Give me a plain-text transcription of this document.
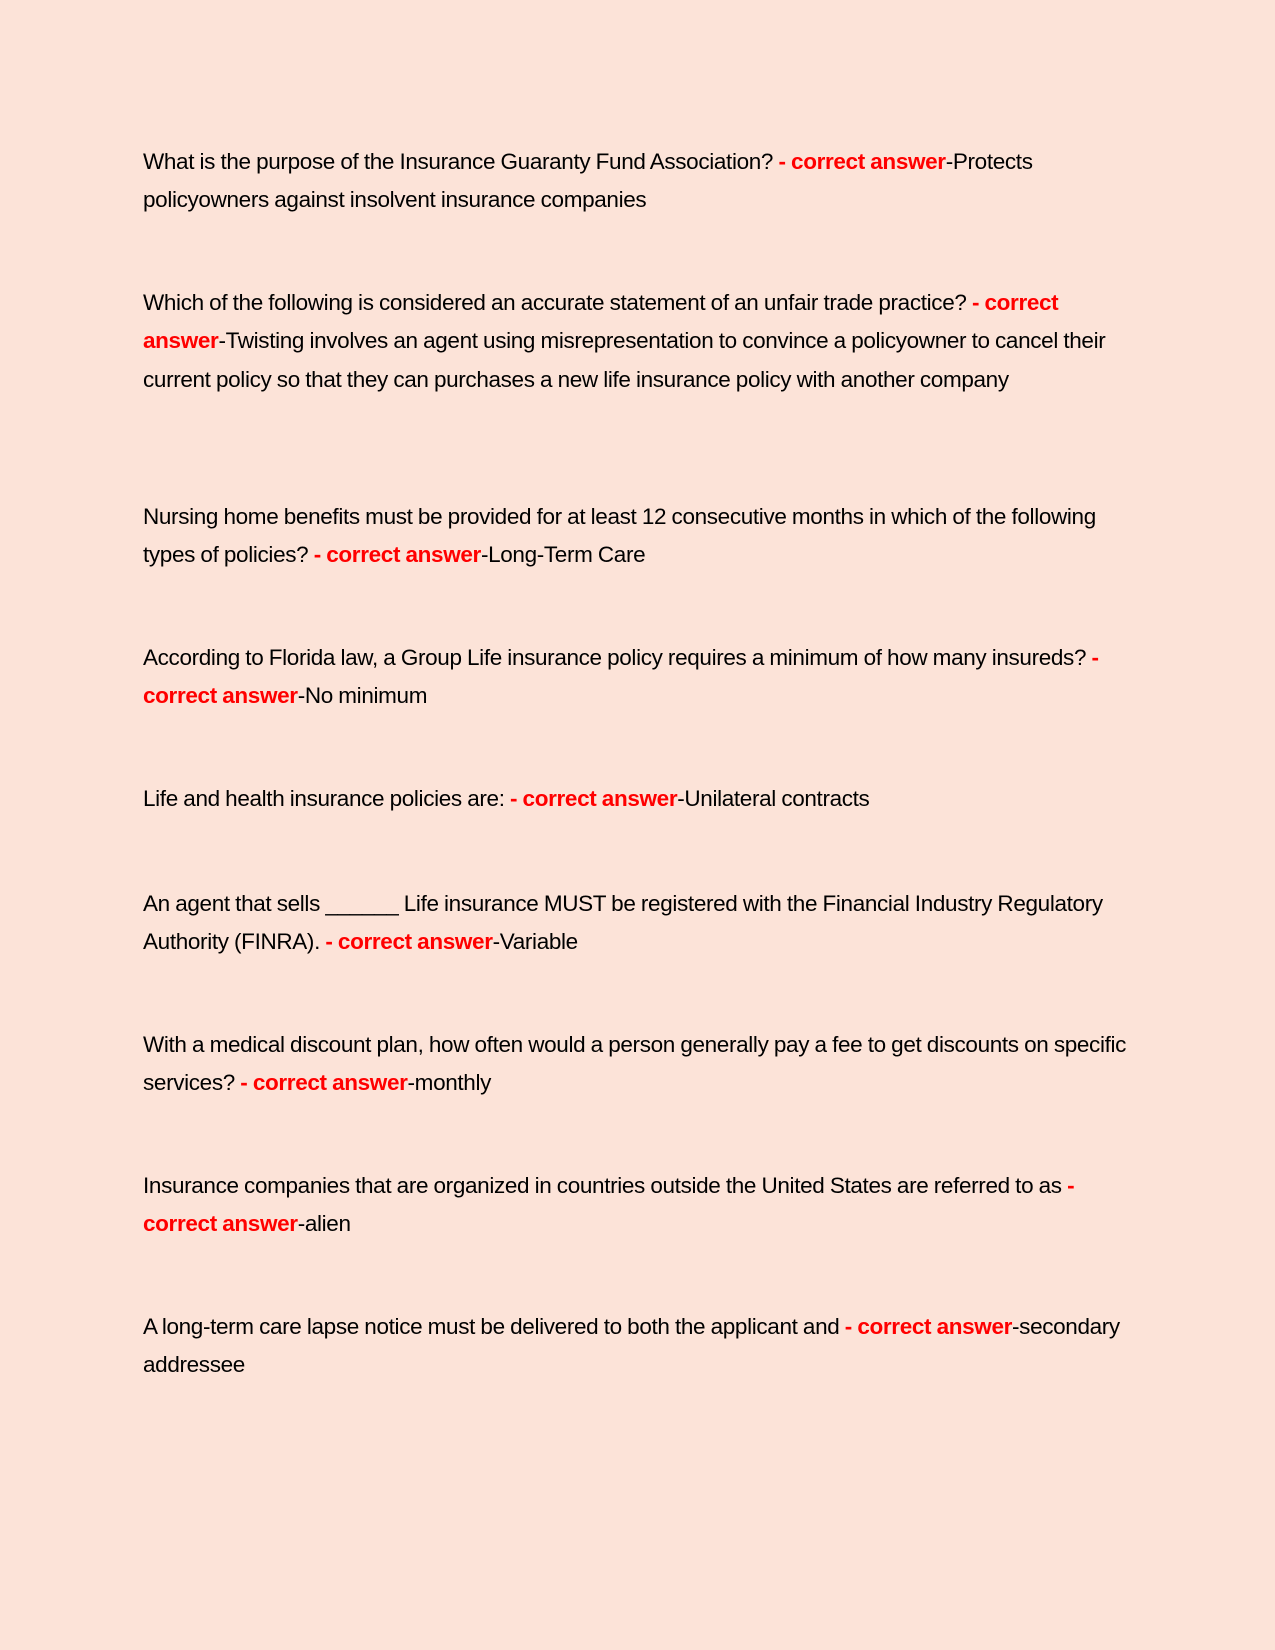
What is the purpose of the Insurance Guaranty Fund Association? - correct answer-Protects policyowners against insolvent insurance companies

Which of the following is considered an accurate statement of an unfair trade practice? - correct answer-Twisting involves an agent using misrepresentation to convince a policyowner to cancel their current policy so that they can purchases a new life insurance policy with another company

Nursing home benefits must be provided for at least 12 consecutive months in which of the following types of policies? - correct answer-Long-Term Care

According to Florida law, a Group Life insurance policy requires a minimum of how many insureds? - correct answer-No minimum

Life and health insurance policies are: - correct answer-Unilateral contracts

An agent that sells ______ Life insurance MUST be registered with the Financial Industry Regulatory Authority (FINRA). - correct answer-Variable

With a medical discount plan, how often would a person generally pay a fee to get discounts on specific services? - correct answer-monthly

Insurance companies that are organized in countries outside the United States are referred to as - correct answer-alien

A long-term care lapse notice must be delivered to both the applicant and - correct answer-secondary addressee
